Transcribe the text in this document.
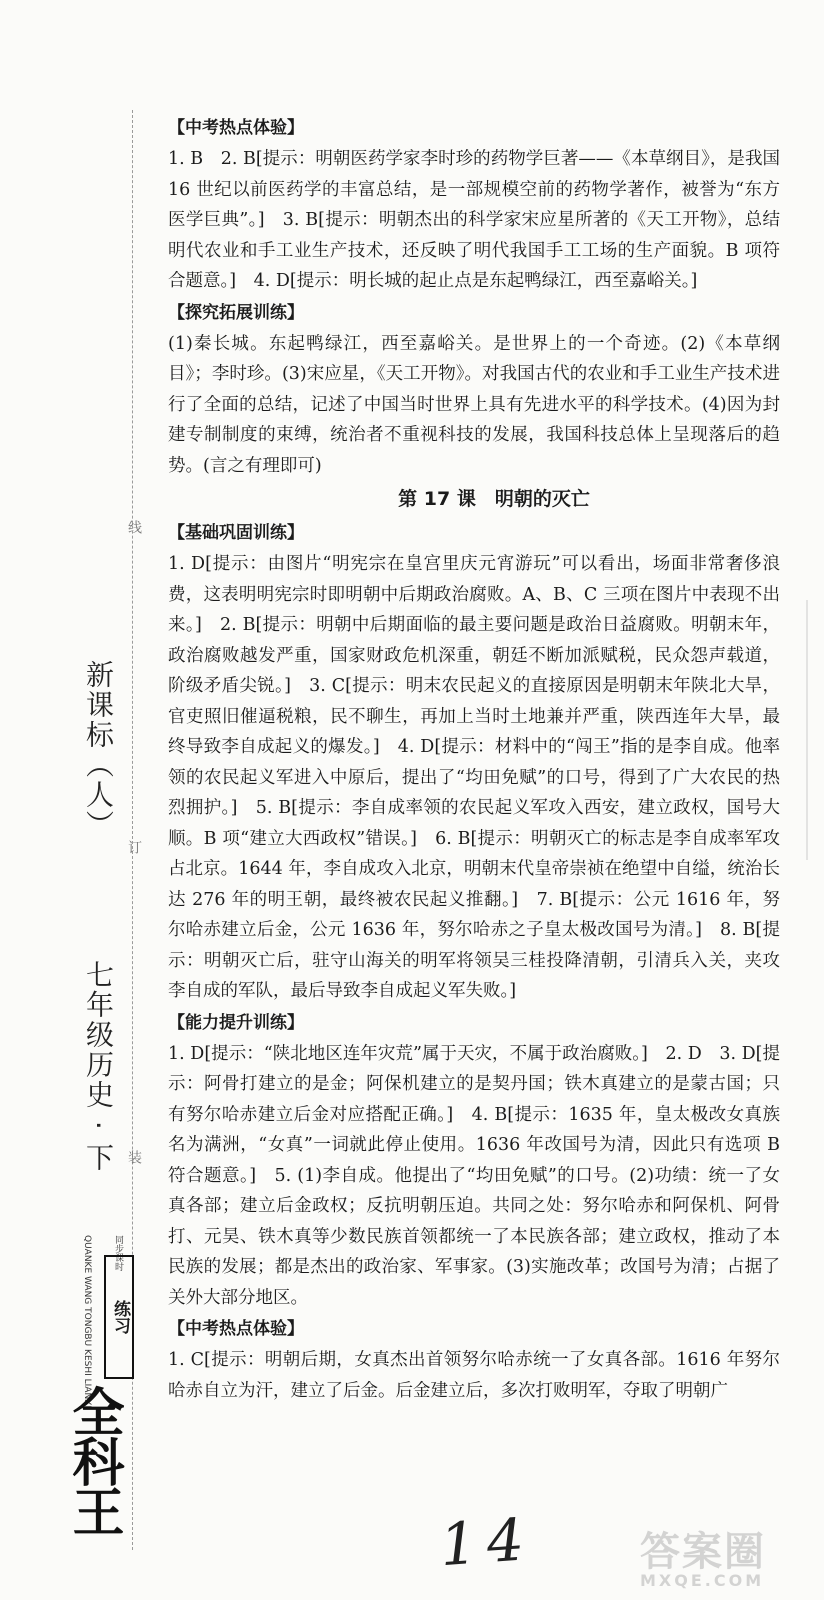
新课标（人）
七年级历史 · 下
线
订
装
同步课时
练习
QUANKE WANG TONGBU KESHI LIANXI
全科王
【中考热点体验】

1. B　2. B[提示：明朝医药学家李时珍的药物学巨著——《本草纲目》，是我国 16 世纪以前医药学的丰富总结，是一部规模空前的药物学著作，被誉为“东方医学巨典”。]　3. B[提示：明朝杰出的科学家宋应星所著的《天工开物》，总结明代农业和手工业生产技术，还反映了明代我国手工工场的生产面貌。B 项符合题意。]　4. D[提示：明长城的起止点是东起鸭绿江，西至嘉峪关。]

【探究拓展训练】

(1)秦长城。东起鸭绿江，西至嘉峪关。是世界上的一个奇迹。(2)《本草纲目》；李时珍。(3)宋应星，《天工开物》。对我国古代的农业和手工业生产技术进行了全面的总结，记述了中国当时世界上具有先进水平的科学技术。(4)因为封建专制制度的束缚，统治者不重视科技的发展，我国科技总体上呈现落后的趋势。(言之有理即可)

第 17 课　明朝的灭亡
【基础巩固训练】

1. D[提示：由图片“明宪宗在皇宫里庆元宵游玩”可以看出，场面非常奢侈浪费，这表明明宪宗时即明朝中后期政治腐败。A、B、C 三项在图片中表现不出来。]　2. B[提示：明朝中后期面临的最主要问题是政治日益腐败。明朝末年，政治腐败越发严重，国家财政危机深重，朝廷不断加派赋税，民众怨声载道，阶级矛盾尖锐。]　3. C[提示：明末农民起义的直接原因是明朝末年陕北大旱，官吏照旧催逼税粮，民不聊生，再加上当时土地兼并严重，陕西连年大旱，最终导致李自成起义的爆发。]　4. D[提示：材料中的“闯王”指的是李自成。他率领的农民起义军进入中原后，提出了“均田免赋”的口号，得到了广大农民的热烈拥护。]　5. B[提示：李自成率领的农民起义军攻入西安，建立政权，国号大顺。B 项“建立大西政权”错误。]　6. B[提示：明朝灭亡的标志是李自成率军攻占北京。1644 年，李自成攻入北京，明朝末代皇帝崇祯在绝望中自缢，统治长达 276 年的明王朝，最终被农民起义推翻。]　7. B[提示：公元 1616 年，努尔哈赤建立后金，公元 1636 年，努尔哈赤之子皇太极改国号为清。]　8. B[提示：明朝灭亡后，驻守山海关的明军将领吴三桂投降清朝，引清兵入关，夹攻李自成的军队，最后导致李自成起义军失败。]

【能力提升训练】

1. D[提示：“陕北地区连年灾荒”属于天灾，不属于政治腐败。]　2. D　3. D[提示：阿骨打建立的是金；阿保机建立的是契丹国；铁木真建立的是蒙古国；只有努尔哈赤建立后金对应搭配正确。]　4. B[提示：1635 年，皇太极改女真族名为满洲，“女真”一词就此停止使用。1636 年改国号为清，因此只有选项 B 符合题意。]　5. (1)李自成。他提出了“均田免赋”的口号。(2)功绩：统一了女真各部；建立后金政权；反抗明朝压迫。共同之处：努尔哈赤和阿保机、阿骨打、元昊、铁木真等少数民族首领都统一了本民族各部；建立政权，推动了本民族的发展；都是杰出的政治家、军事家。(3)实施改革；改国号为清；占据了关外大部分地区。

【中考热点体验】

1. C[提示：明朝后期，女真杰出首领努尔哈赤统一了女真各部。1616 年努尔哈赤自立为汗，建立了后金。后金建立后，多次打败明军，夺取了明朝广

14	答案圈
MXQE.COM
